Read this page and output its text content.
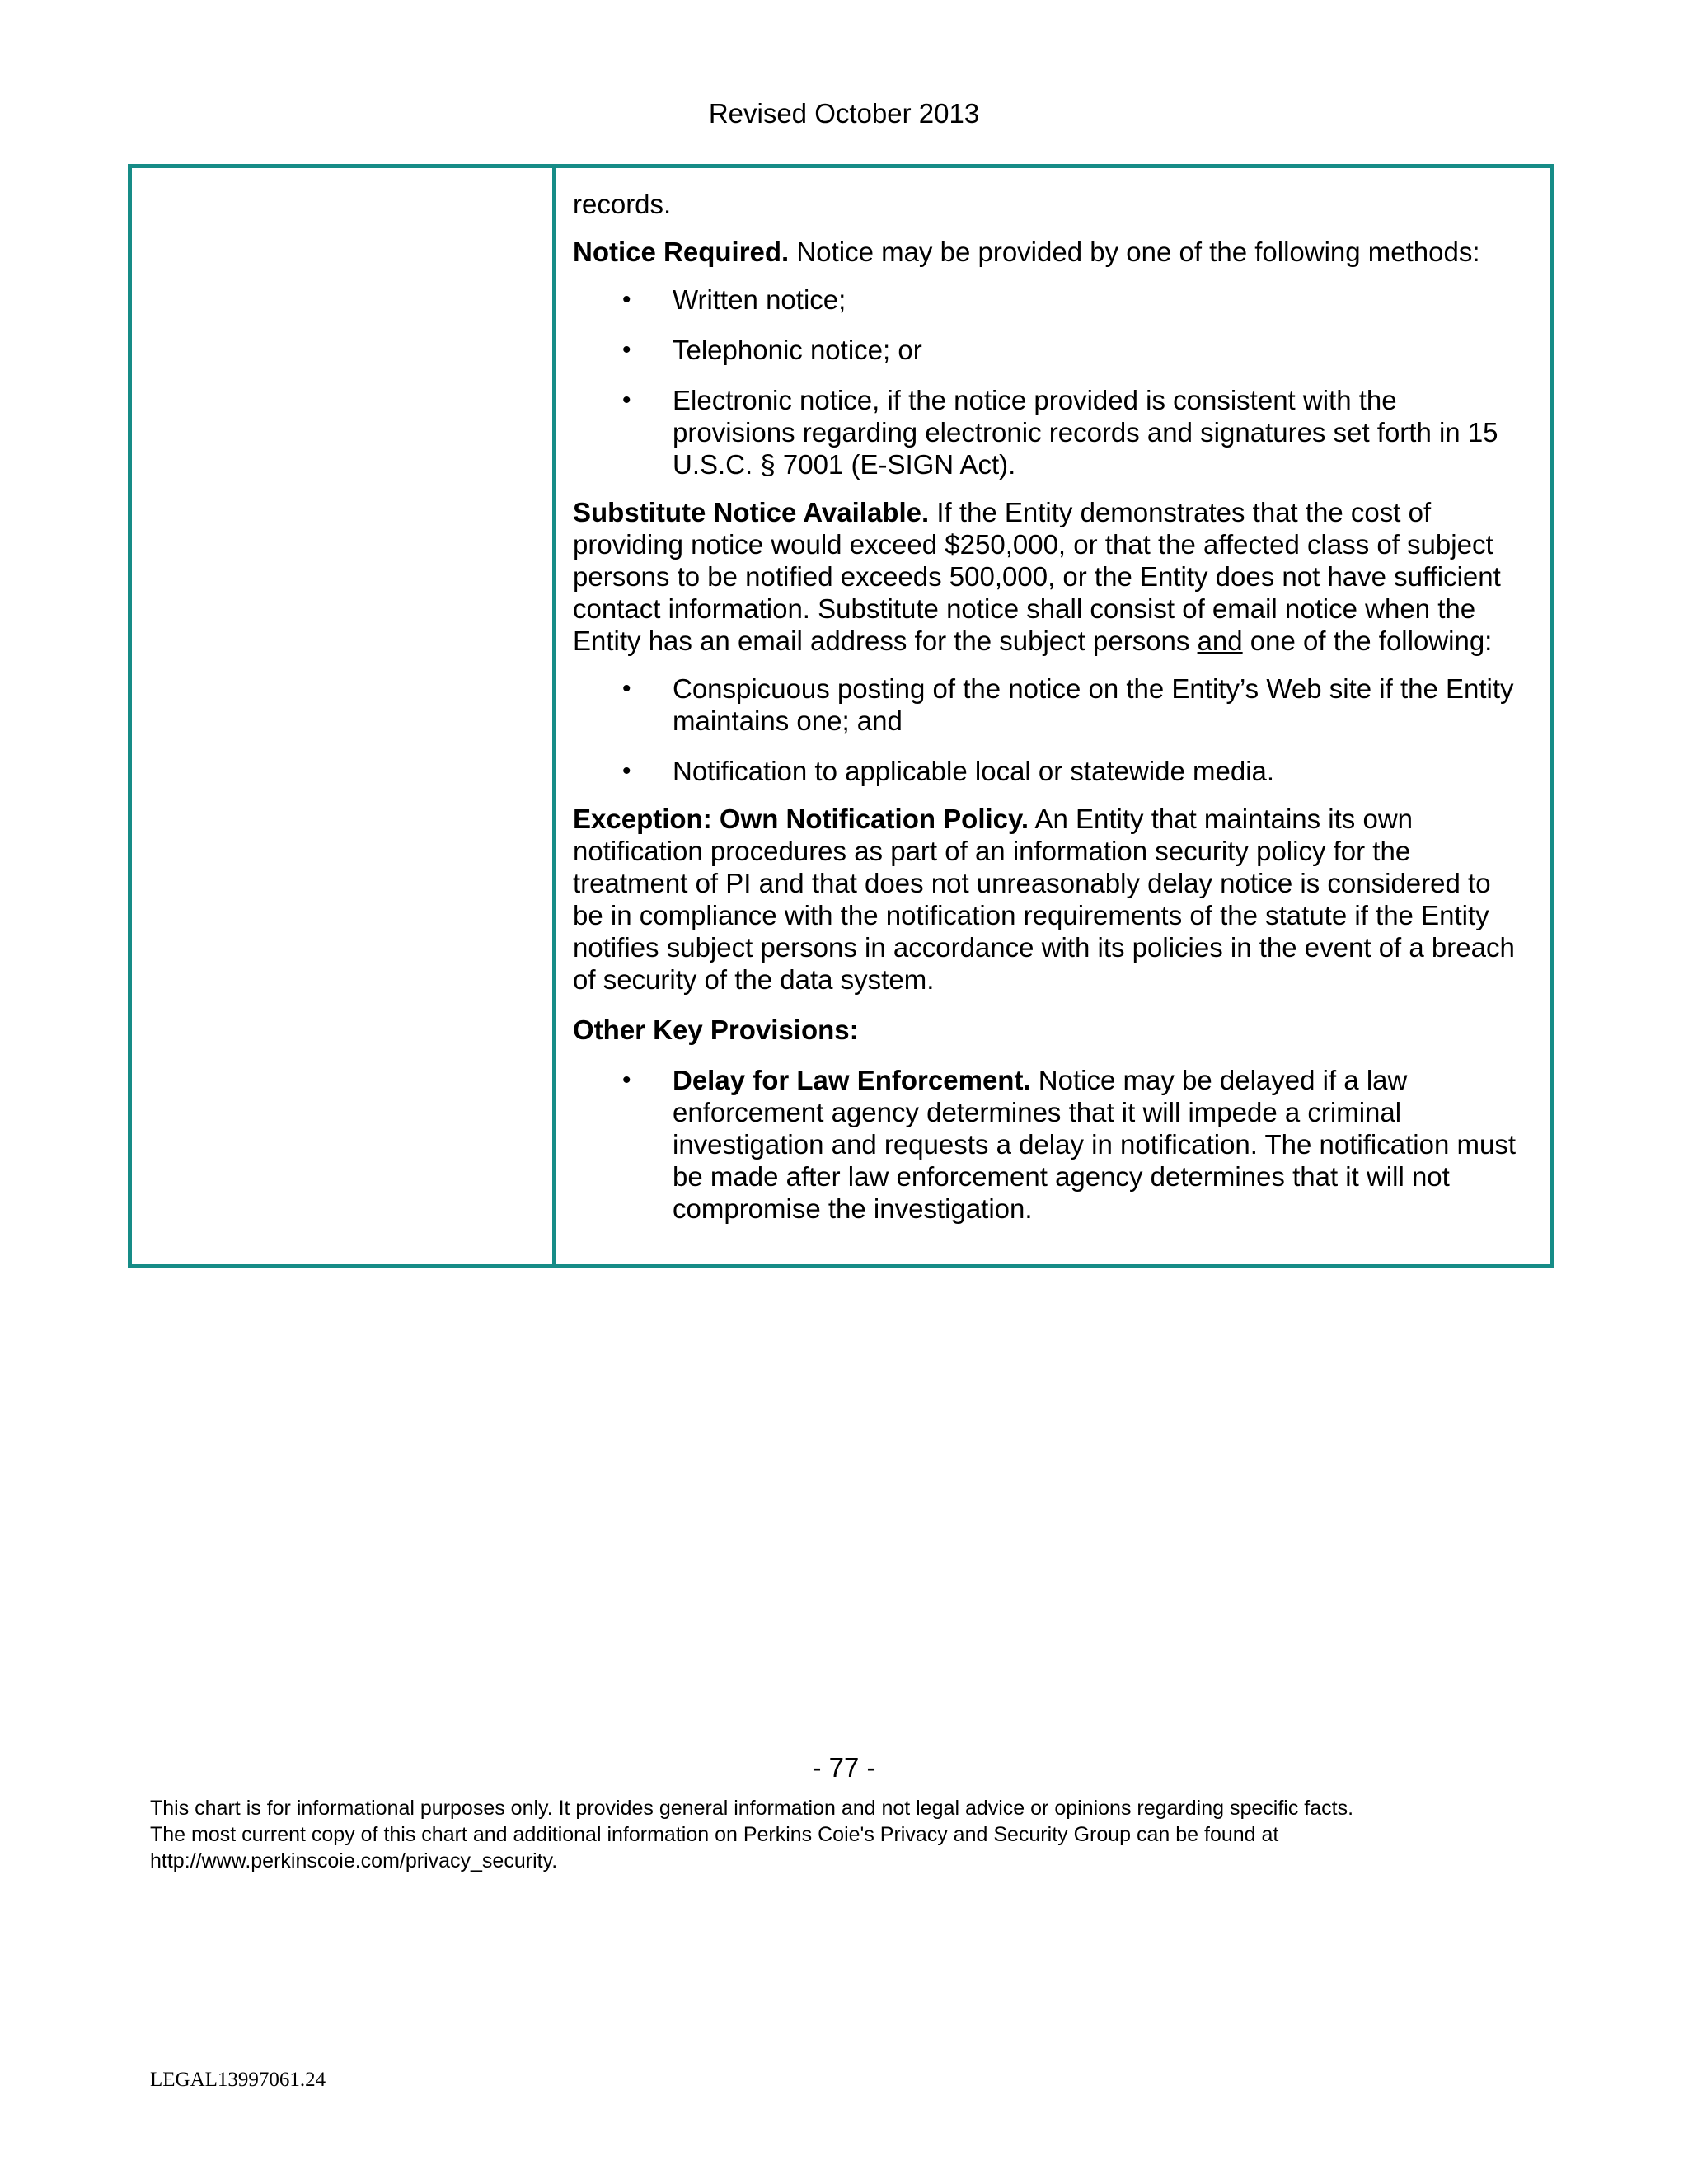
Revised October 2013

records.

Notice Required. Notice may be provided by one of the following methods:

• Written notice;
• Telephonic notice; or
• Electronic notice, if the notice provided is consistent with the provisions regarding electronic records and signatures set forth in 15 U.S.C. § 7001 (E-SIGN Act).

Substitute Notice Available. If the Entity demonstrates that the cost of providing notice would exceed $250,000, or that the affected class of subject persons to be notified exceeds 500,000, or the Entity does not have sufficient contact information. Substitute notice shall consist of email notice when the Entity has an email address for the subject persons and one of the following:

• Conspicuous posting of the notice on the Entity’s Web site if the Entity maintains one; and
• Notification to applicable local or statewide media.

Exception: Own Notification Policy. An Entity that maintains its own notification procedures as part of an information security policy for the treatment of PI and that does not unreasonably delay notice is considered to be in compliance with the notification requirements of the statute if the Entity notifies subject persons in accordance with its policies in the event of a breach of security of the data system.

Other Key Provisions:

• Delay for Law Enforcement. Notice may be delayed if a law enforcement agency determines that it will impede a criminal investigation and requests a delay in notification. The notification must be made after law enforcement agency determines that it will not compromise the investigation.
- 77 -
This chart is for informational purposes only. It provides general information and not legal advice or opinions regarding specific facts.
The most current copy of this chart and additional information on Perkins Coie's Privacy and Security Group can be found at
http://www.perkinscoie.com/privacy_security.
LEGAL13997061.24
